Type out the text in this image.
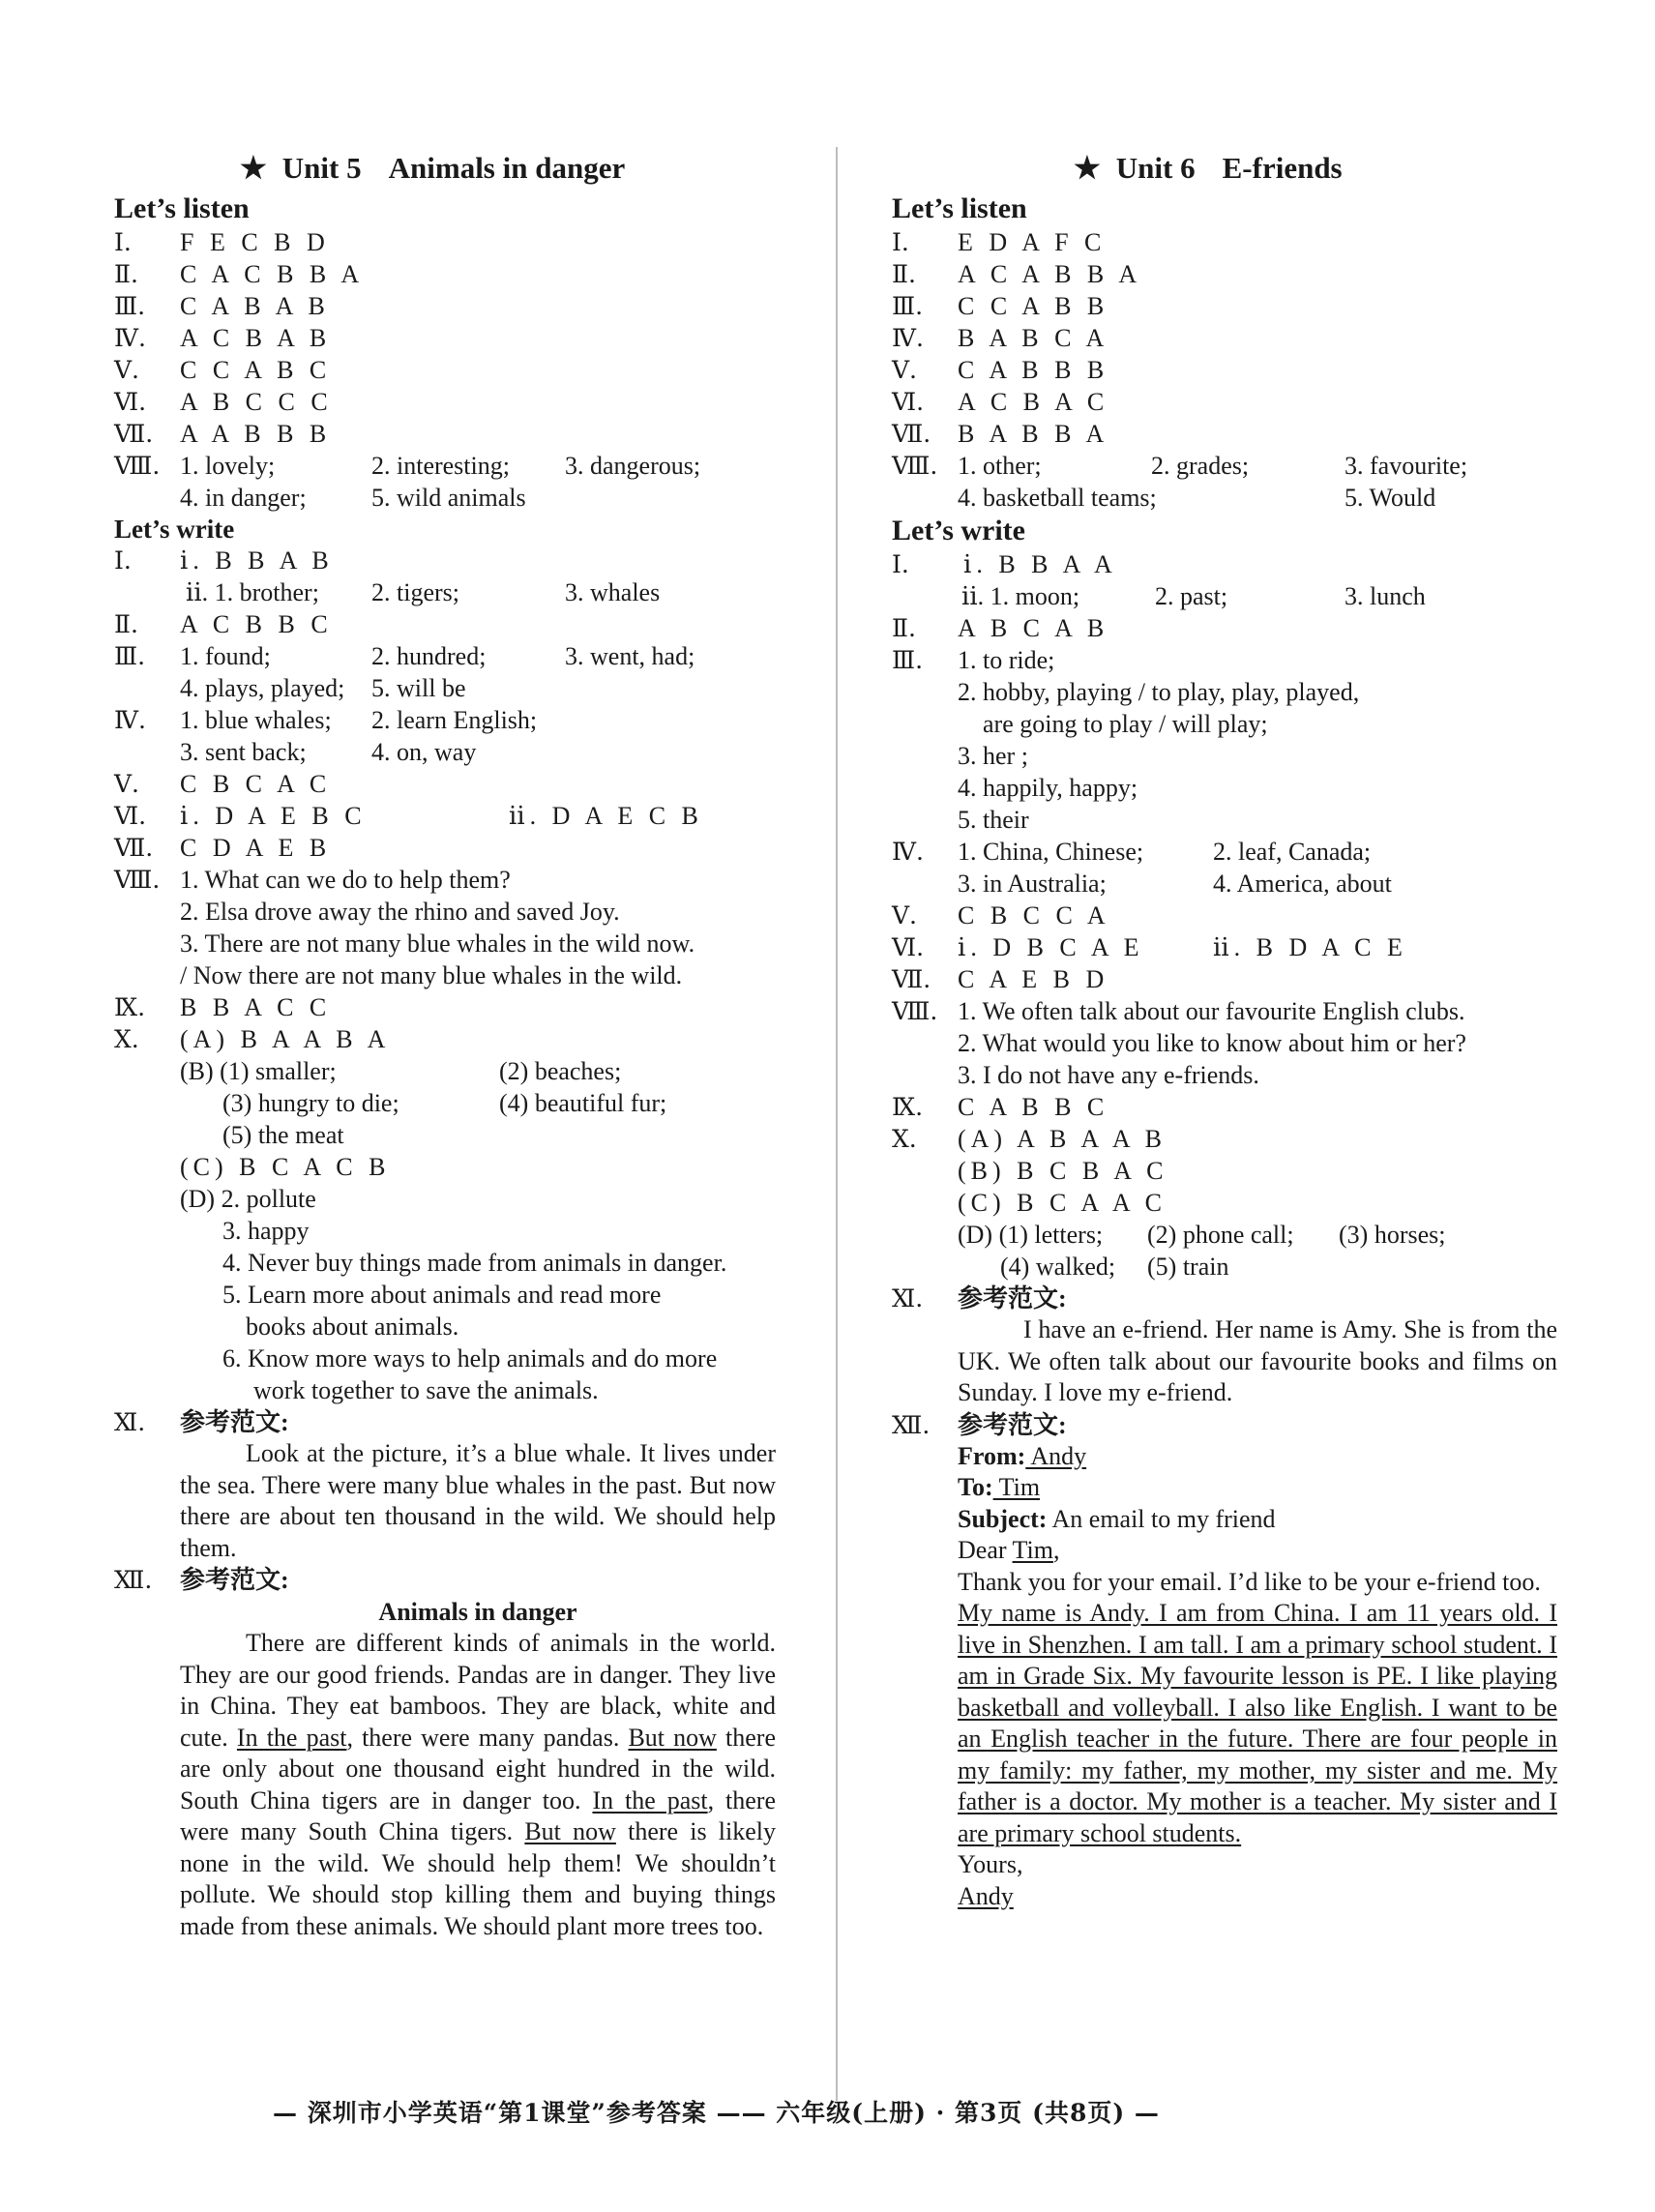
★ Unit 5 Animals in danger
Let’s listen
Ⅰ.	F E C B D
Ⅱ.	C A C B B A
Ⅲ.	C A B A B
Ⅳ.	A C B A B
Ⅴ.	C C A B C
Ⅵ.	A B C C C
Ⅶ.	A A B B B
Ⅷ. 1. lovely;	2. interesting; 3. dangerous;
4. in danger;	5. wild animals
Let’s write
Ⅰ.	ⅰ. B B A B
ⅱ. 1. brother;	2. tigers;	3. whales
Ⅱ.	A C B B C
Ⅲ.	1. found;	2. hundred;	3. went, had;
4. plays, played; 5. will be
Ⅳ.	1. blue whales; 2. learn English;
3. sent back;	4. on, way
Ⅴ.	C B C A C
Ⅵ.	ⅰ. D A E B C	ⅱ. D A E C B
Ⅶ.	C D A E B
Ⅷ. 1. What can we do to help them?
2. Elsa drove away the rhino and saved Joy.
3. There are not many blue whales in the wild now.
/ Now there are not many blue whales in the wild.
Ⅸ.	B B A C C
Ⅹ.	(A) B A A B A
(B) (1) smaller;	(2) beaches;
(3) hungry to die;	(4) beautiful fur;
(5) the meat
(C) B C A C B
(D) 2. pollute
3. happy
4. Never buy things made from animals in danger.
5. Learn more about animals and read more
books about animals.
6. Know more ways to help animals and do more
work together to save the animals.
Ⅺ.	参考范文:

Look at the picture, it’s a blue whale. It lives under the sea. There were many blue whales in the past. But now there are about ten thousand in the wild. We should help them.

Ⅻ.	参考范文:
Animals in danger

There are different kinds of animals in the world. They are our good friends. Pandas are in danger. They live in China. They eat bamboos. They are black, white and cute. In the past, there were many pandas. But now there are only about one thousand eight hundred in the wild. South China tigers are in danger too. In the past, there were many South China tigers. But now there is likely none in the wild. We should help them! We shouldn’t pollute. We should stop killing them and buying things made from these animals. We should plant more trees too.

★ Unit 6 E-friends
Let’s listen
Ⅰ.	E D A F C
Ⅱ.	A C A B B A
Ⅲ.	C C A B B
Ⅳ.	B A B C A
Ⅴ.	C A B B B
Ⅵ.	A C B A C
Ⅶ.	B A B B A
Ⅷ. 1. other;	2. grades;	3. favourite;
4. basketball teams;	5. Would
Let’s write
Ⅰ.	ⅰ. B B A A
ⅱ. 1. moon;	2. past;	3. lunch
Ⅱ.	A B C A B
Ⅲ.	1. to ride;
2. hobby, playing / to play, play, played,
are going to play / will play;
3. her ;
4. happily, happy;
5. their
Ⅳ.	1. China, Chinese;	2. leaf, Canada;
3. in Australia;	4. America, about
Ⅴ.	C B C C A
Ⅵ.	ⅰ. D B C A E	ⅱ. B D A C E
Ⅶ.	C A E B D
Ⅷ. 1. We often talk about our favourite English clubs.
2. What would you like to know about him or her?
3. I do not have any e-friends.
Ⅸ.	C A B B C
Ⅹ.	(A) A B A A B
(B) B C B A C
(C) B C A A C
(D) (1) letters; (2) phone call; (3) horses;
(4) walked; (5) train
Ⅺ.	参考范文:

I have an e-friend. Her name is Amy. She is from the UK. We often talk about our favourite books and films on Sunday. I love my e-friend.

Ⅻ.	参考范文:

From: Andy

To: Tim

Subject: An email to my friend

Dear Tim,

Thank you for your email. I’d like to be your e-friend too.

My name is Andy. I am from China. I am 11 years old. I live in Shenzhen. I am tall. I am a primary school student. I am in Grade Six. My favourite lesson is PE. I like playing basketball and volleyball. I also like English. I want to be an English teacher in the future. There are four people in my family: my father, my mother, my sister and me. My father is a doctor. My mother is a teacher. My sister and I are primary school students.

Yours,

Andy

— 深圳市小学英语“第1课堂”参考答案 —— 六年级(上册) · 第3页 (共8页) —
